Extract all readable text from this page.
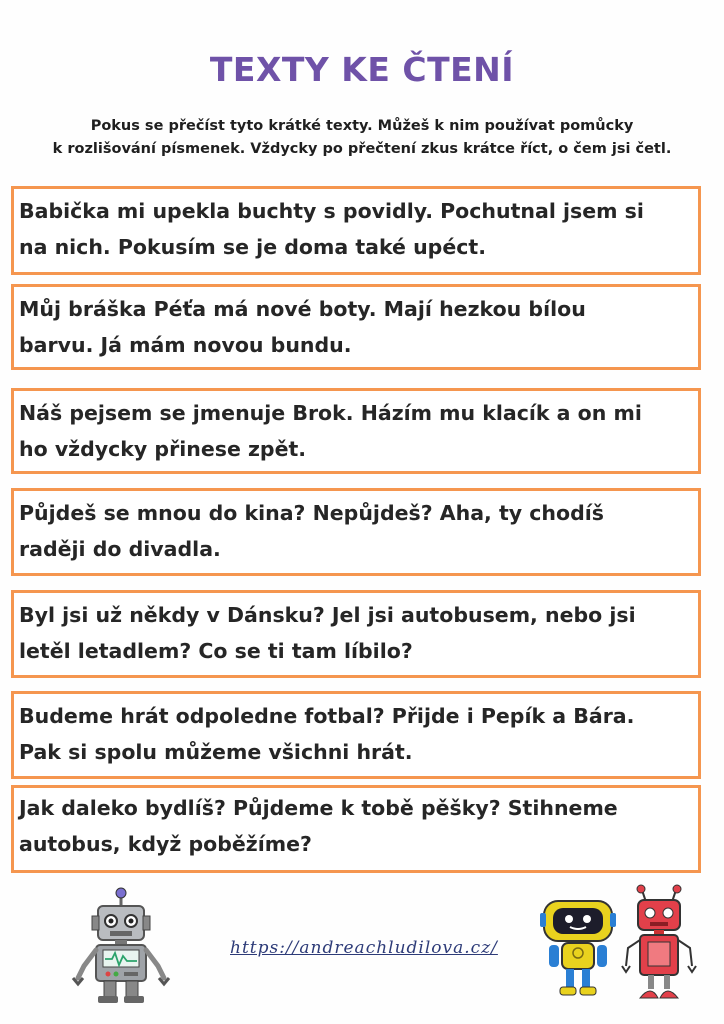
TEXTY KE ČTENÍ
Pokus se přečíst tyto krátké texty. Můžeš k nim používat pomůcky
k rozlišování písmenek. Vždycky po přečtení zkus krátce říct, o čem jsi četl.
Babička mi upekla buchty s povidly. Pochutnal jsem si
na nich. Pokusím se je doma také upéct.
Můj bráška Péťa má nové boty. Mají hezkou bílou
barvu. Já mám novou bundu.
Náš pejsem se jmenuje Brok. Házím mu klacík a on mi
ho vždycky přinese zpět.
Půjdeš se mnou do kina? Nepůjdeš? Aha, ty chodíš
raději do divadla.
Byl jsi už někdy v Dánsku? Jel jsi autobusem, nebo jsi
letěl letadlem? Co se ti tam líbilo?
Budeme hrát odpoledne fotbal? Přijde i Pepík a Bára.
Pak si spolu můžeme všichni hrát.
Jak daleko bydlíš? Půjdeme k tobě pěšky? Stihneme
autobus, když poběžíme?
https://andreachludilova.cz/
